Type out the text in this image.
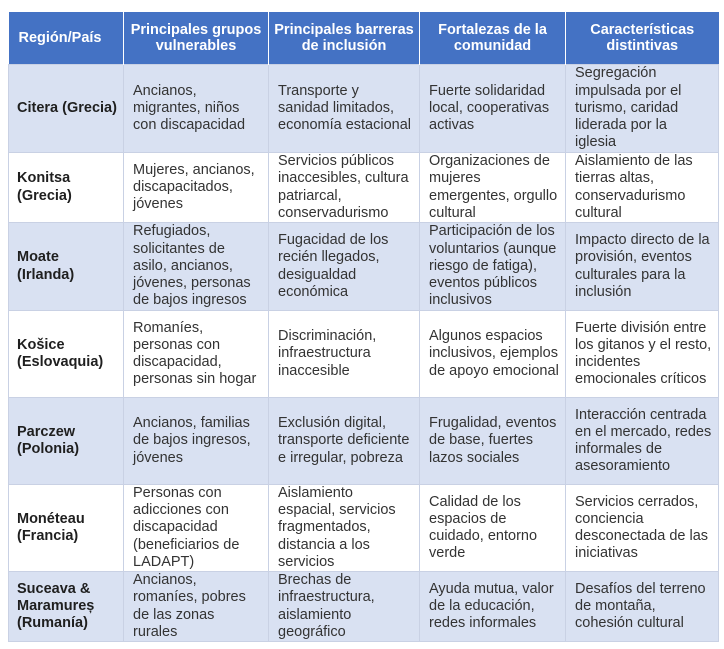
Región/País	Principales grupos vulnerables	Principales barreras de inclusión	Fortalezas de la comunidad	Características distintivas
Citera (Grecia)	Ancianos, migrantes, niños con discapacidad	Transporte y sanidad limitados, economía estacional	Fuerte solidaridad local, cooperativas activas	Segregación impulsada por el turismo, caridad liderada por la iglesia
Konitsa (Grecia)	Mujeres, ancianos, discapacitados, jóvenes	Servicios públicos inaccesibles, cultura patriarcal, conservadurismo	Organizaciones de mujeres emergentes, orgullo cultural	Aislamiento de las tierras altas, conservadurismo cultural
Moate (Irlanda)	Refugiados, solicitantes de asilo, ancianos, jóvenes, personas de bajos ingresos	Fugacidad de los recién llegados, desigualdad económica	Participación de los voluntarios (aunque riesgo de fatiga), eventos públicos inclusivos	Impacto directo de la provisión, eventos culturales para la inclusión
Košice (Eslovaquia)	Romaníes, personas con discapacidad, personas sin hogar	Discriminación, infraestructura inaccesible	Algunos espacios inclusivos, ejemplos de apoyo emocional	Fuerte división entre los gitanos y el resto, incidentes emocionales críticos
Parczew (Polonia)	Ancianos, familias de bajos ingresos, jóvenes	Exclusión digital, transporte deficiente e irregular, pobreza	Frugalidad, eventos de base, fuertes lazos sociales	Interacción centrada en el mercado, redes informales de asesoramiento
Monéteau (Francia)	Personas con adicciones con discapacidad (beneficiarios de LADAPT)	Aislamiento espacial, servicios fragmentados, distancia a los servicios	Calidad de los espacios de cuidado, entorno verde	Servicios cerrados, conciencia desconectada de las iniciativas
Suceava & Maramureș (Rumanía)	Ancianos, romaníes, pobres de las zonas rurales	Brechas de infraestructura, aislamiento geográfico	Ayuda mutua, valor de la educación, redes informales	Desafíos del terreno de montaña, cohesión cultural
